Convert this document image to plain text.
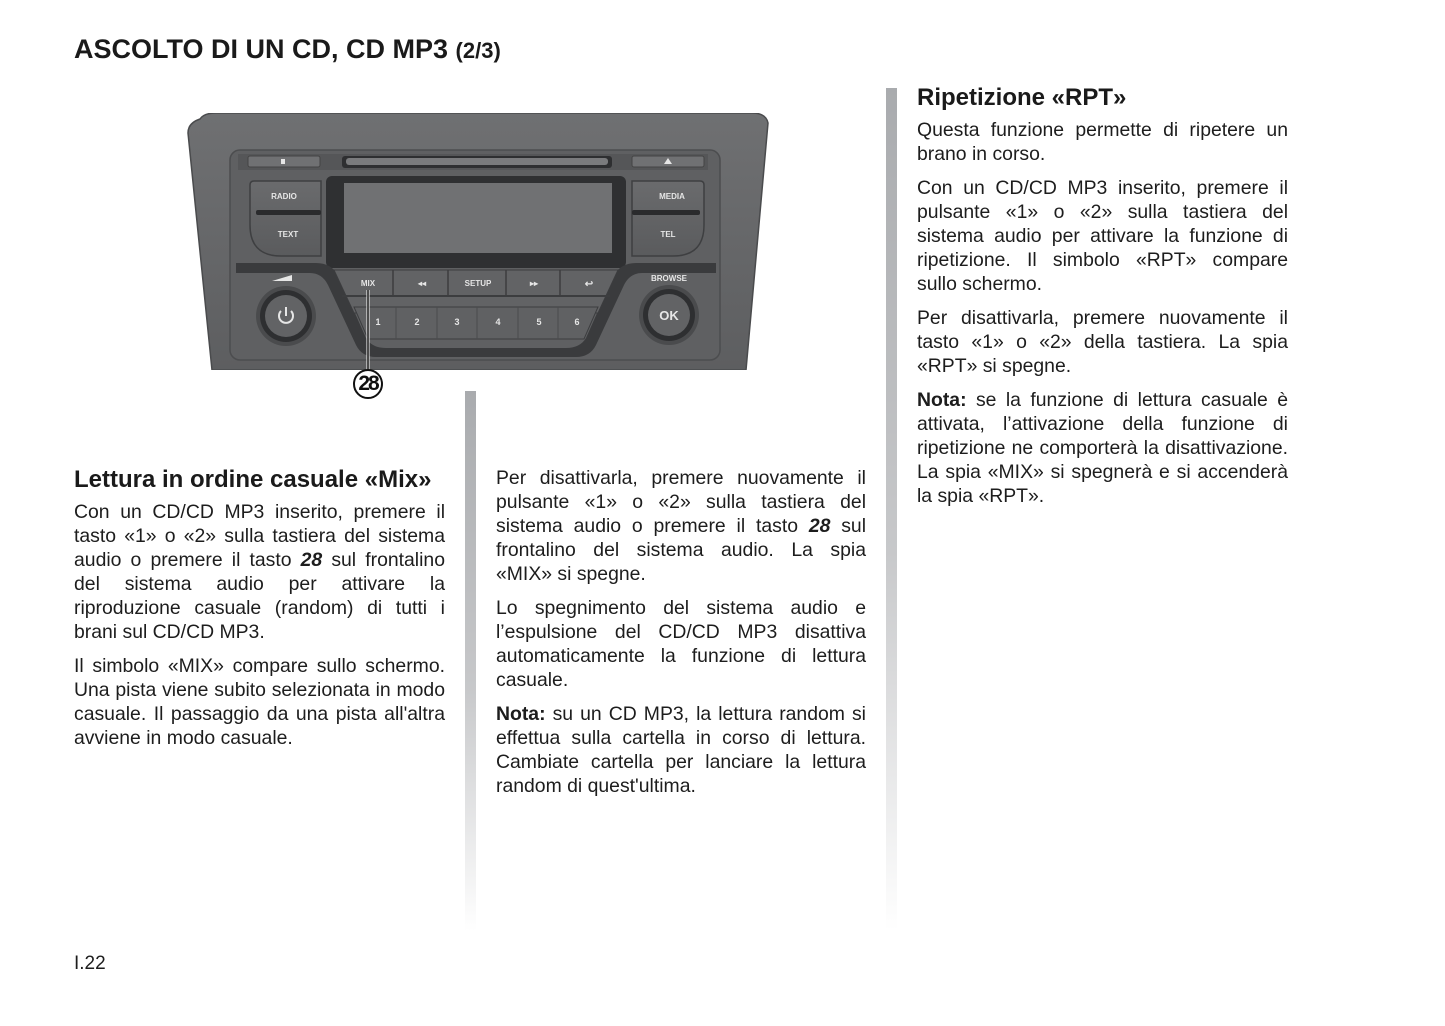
ASCOLTO DI UN CD, CD MP3 (2/3)
RADIO
TEXT
MEDIA
TEL
MIX	◂◂	SETUP	▸▸	↩
1	2	3	4	5	6
BROWSE
OK
28
Lettura in ordine casuale «Mix»

Con un CD/CD MP3 inserito, premere il tasto «1» o «2» sulla tastiera del sistema audio o premere il tasto 28 sul frontalino del sistema audio per attivare la riproduzione casuale (random) di tutti i brani sul CD/CD MP3.

Il simbolo «MIX» compare sullo schermo. Una pista viene subito selezionata in modo casuale. Il passaggio da una pista all'altra avviene in modo casuale.

Per disattivarla, premere nuovamente il pulsante «1» o «2» sulla tastiera del sistema audio o premere il tasto 28 sul frontalino del sistema audio. La spia «MIX» si spegne.

Lo spegnimento del sistema audio e l’espulsione del CD/CD MP3 disattiva automaticamente la funzione di lettura casuale.

Nota: su un CD MP3, la lettura random si effettua sulla cartella in corso di lettura. Cambiate cartella per lanciare la lettura random di quest'ultima.

Ripetizione «RPT»

Questa funzione permette di ripetere un brano in corso.

Con un CD/CD MP3 inserito, premere il pulsante «1» o «2» sulla tastiera del sistema audio per attivare la funzione di ripetizione. Il simbolo «RPT» compare sullo schermo.

Per disattivarla, premere nuovamente il tasto «1» o «2» della tastiera. La spia «RPT» si spegne.

Nota: se la funzione di lettura casuale è attivata, l’attivazione della funzione di ripetizione ne comporterà la disattivazione. La spia «MIX» si spegnerà e si accenderà la spia «RPT».

I.22
